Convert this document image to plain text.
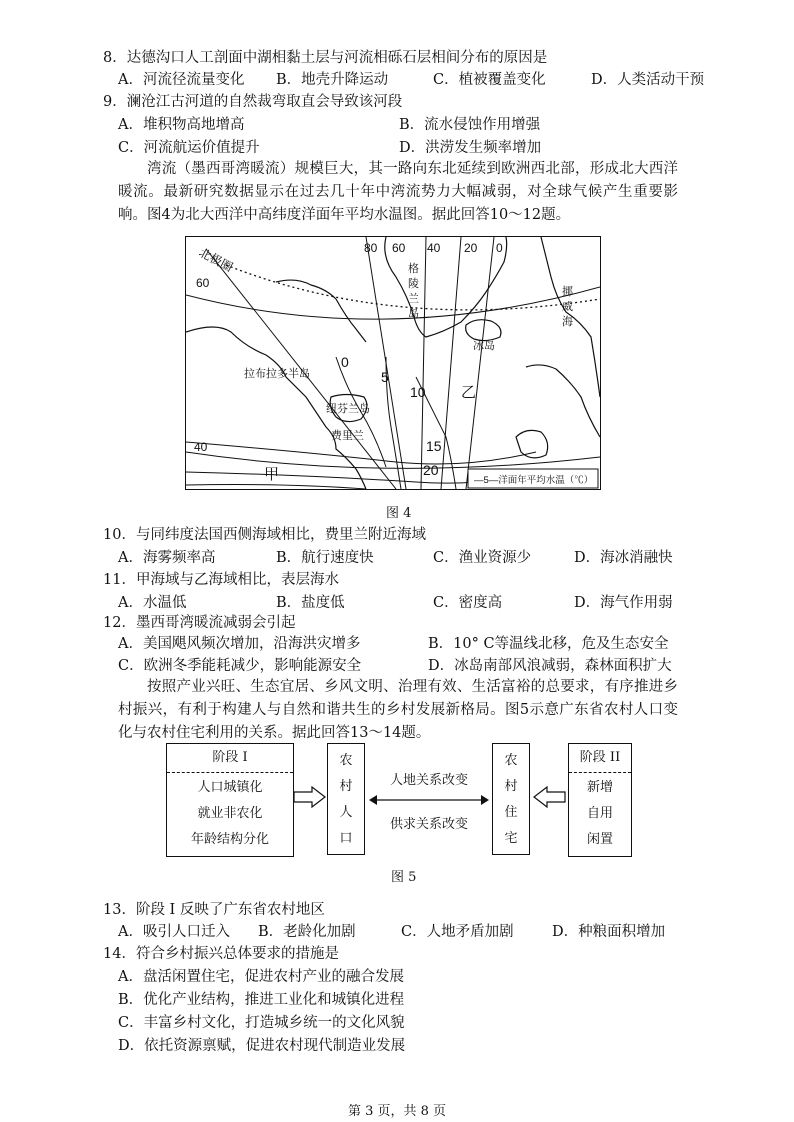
8．达德沟口人工剖面中湖相黏土层与河流相砾石层相间分布的原因是
A．河流径流量变化	B．地壳升降运动	C．植被覆盖变化	D．人类活动干预
9．澜沧江古河道的自然裁弯取直会导致该河段
A．堆积物高地增高	B．流水侵蚀作用增强
C．河流航运价值提升	D．洪涝发生频率增加
湾流（墨西哥湾暖流）规模巨大，其一路向东北延续到欧洲西北部，形成北大西洋暖流。最新研究数据显示在过去几十年中湾流势力大幅减弱，对全球气候产生重要影响。图4为北大西洋中高纬度洋面年平均水温图。据此回答10～12题。
北极圈	80 60 40 20 0
60
40
格
陵
兰
岛
挪
威
海
冰岛
拉布拉多半岛
纽芬兰岛
费里兰
0
5
10
15
20
乙
甲	—5—洋面年平均水温（℃）
图 4
10．与同纬度法国西侧海域相比，费里兰附近海域
A．海雾频率高	B．航行速度快	C．渔业资源少	D．海冰消融快
11．甲海域与乙海域相比，表层海水
A．水温低	B．盐度低	C．密度高	D．海气作用弱
12．墨西哥湾暖流减弱会引起
A．美国飓风频次增加，沿海洪灾增多	B．10° C等温线北移，危及生态安全
C．欧洲冬季能耗减少，影响能源安全	D．冰岛南部风浪减弱，森林面积扩大
按照产业兴旺、生态宜居、乡风文明、治理有效、生活富裕的总要求，有序推进乡村振兴，有利于构建人与自然和谐共生的乡村发展新格局。图5示意广东省农村人口变化与农村住宅利用的关系。据此回答13～14题。
阶段 I
人口城镇化
就业非农化
年龄结构分化
农
村
人
口
人地关系改变
供求关系改变
农
村
住
宅
阶段 II
新增
自用
闲置
图 5
13．阶段 I 反映了广东省农村地区
A．吸引人口迁入	B．老龄化加剧	C．人地矛盾加剧	D．种粮面积增加
14．符合乡村振兴总体要求的措施是
A．盘活闲置住宅，促进农村产业的融合发展
B．优化产业结构，推进工业化和城镇化进程
C．丰富乡村文化，打造城乡统一的文化风貌
D．依托资源禀赋，促进农村现代制造业发展
第 3 页，共 8 页
